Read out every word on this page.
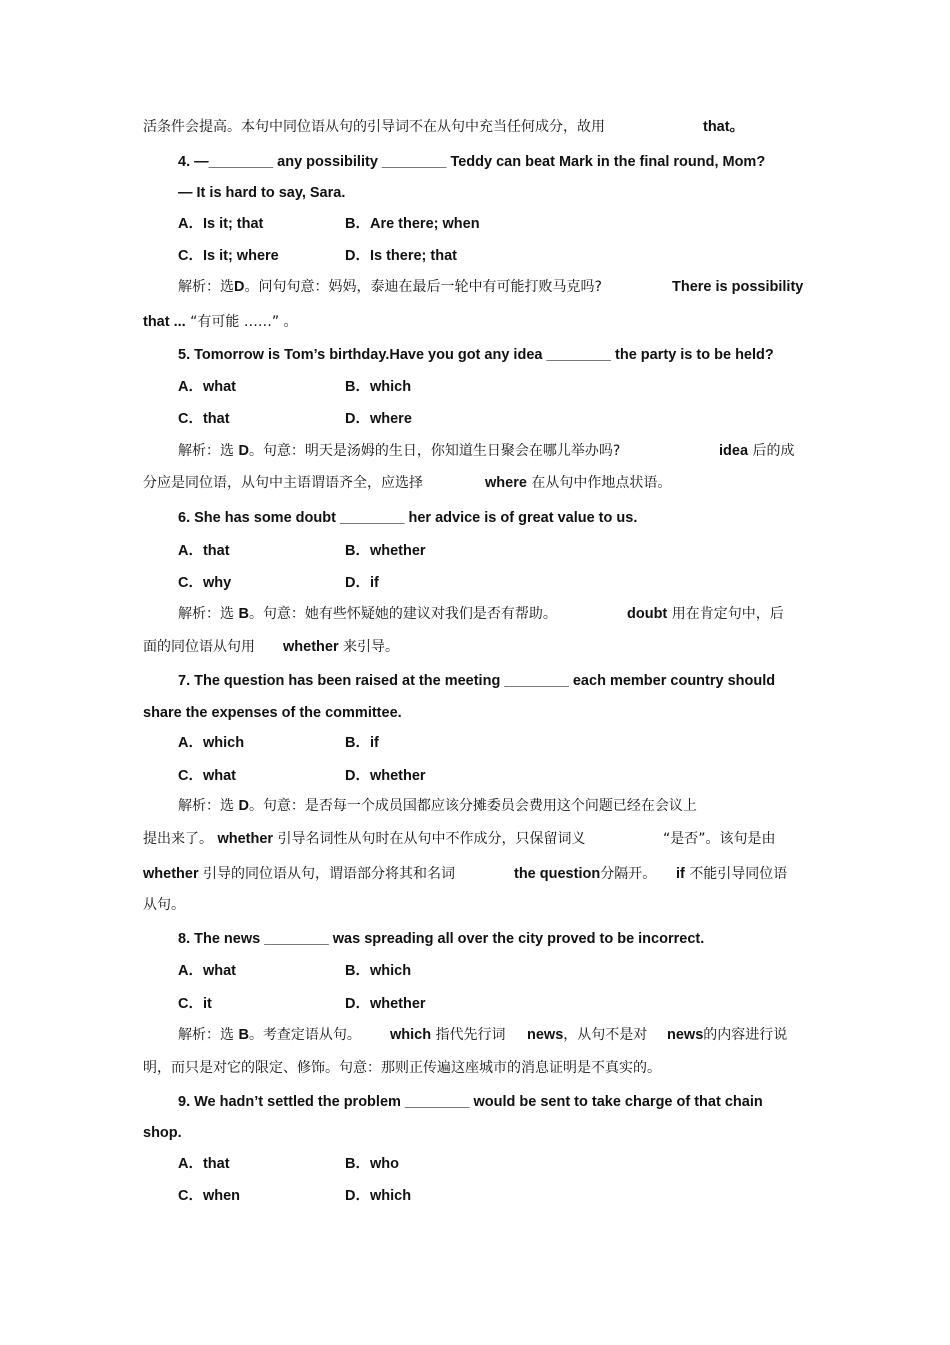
活条件会提高。本句中同位语从句的引导词不在从句中充当任何成分，故用	that。
4. —________ any possibility ________ Teddy can beat Mark in the final round, Mom?
— It is hard to say, Sara.
A．Is it; that	B．Are there; when
C．Is it; where	D．Is there; that
解析：选D。问句句意：妈妈，泰迪在最后一轮中有可能打败马克吗?	There is possibility
that ... “有可能 ……” 。
5. Tomorrow is Tom’s birthday.Have you got any idea ________ the party is to be held?
A．what	B．which
C．that	D．where
解析：选 D。句意：明天是汤姆的生日，你知道生日聚会在哪儿举办吗?	idea 后的成
分应是同位语，从句中主语谓语齐全，应选择	where 在从句中作地点状语。
6. She has some doubt ________ her advice is of great value to us.
A．that	B．whether
C．why	D．if
解析：选 B。句意：她有些怀疑她的建议对我们是否有帮助。	doubt 用在肯定句中，后
面的同位语从句用 whether 来引导。
7. The question has been raised at the meeting ________ each member country should
share the expenses of the committee.
A．which	B．if
C．what	D．whether
解析：选 D。句意：是否每一个成员国都应该分摊委员会费用这个问题已经在会议上
提出来了。 whether 引导名词性从句时在从句中不作成分，只保留词义	“是否”。该句是由
whether 引导的同位语从句，谓语部分将其和名词	the question分隔开。 if 不能引导同位语
从句。
8. The news ________ was spreading all over the city proved to be incorrect.
A．what	B．which
C．it	D．whether
解析：选 B。考查定语从句。 which 指代先行词 news，从句不是对 news的内容进行说
明，而只是对它的限定、修饰。句意：那则正传遍这座城市的消息证明是不真实的。
9. We hadn’t settled the problem ________ would be sent to take charge of that chain
shop.
A．that	B．who
C．when	D．which
